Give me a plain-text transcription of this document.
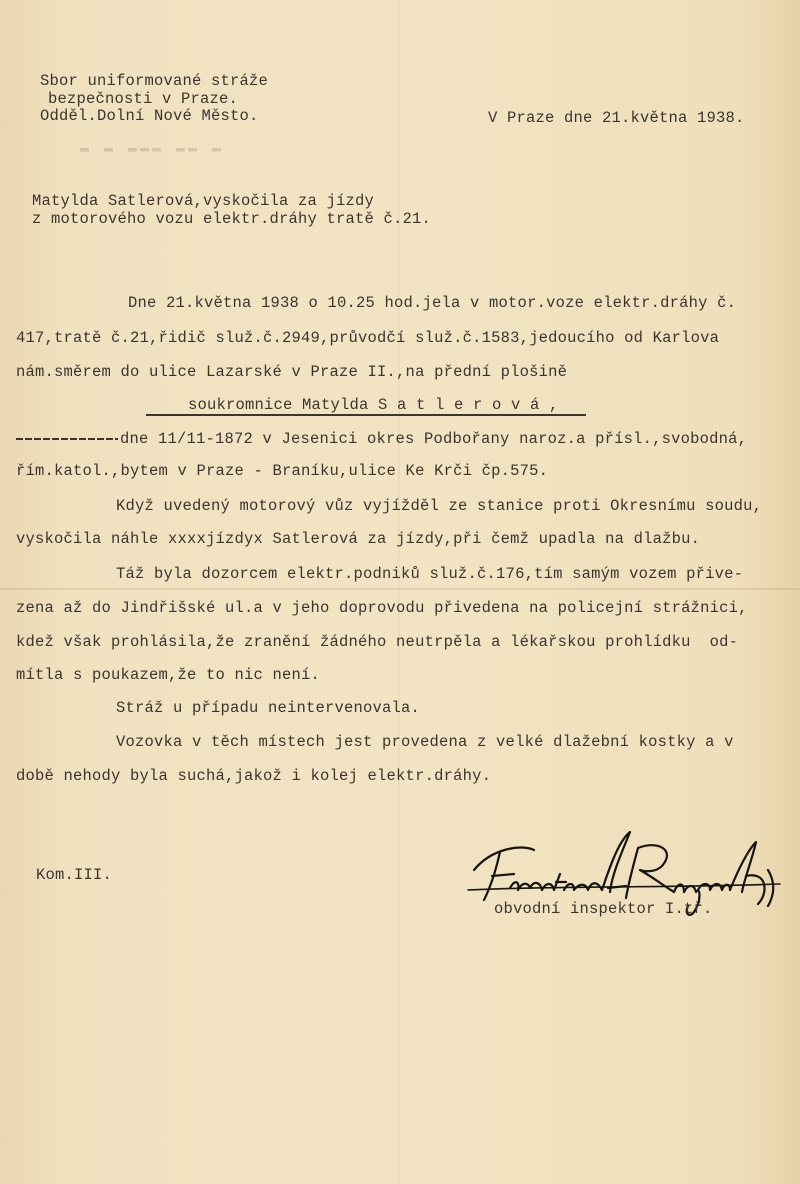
Sbor uniformované stráže
bezpečnosti v Praze.
Odděl.Dolní Nové Město.	V Praze dne 21.května 1938.
▬ ▬ ▬▬▬ ▬▬ ▬
Matylda Satlerová,vyskočila za jízdy
z motorového vozu elektr.dráhy tratě č.21.
Dne 21.května 1938 o 10.25 hod.jela v motor.voze elektr.dráhy č.
417,tratě č.21,řidič služ.č.2949,průvodčí služ.č.1583,jedoucího od Karlova
nám.směrem do ulice Lazarské v Praze II.,na přední plošině
soukromnice Matylda S a t l e r o v á ,
dne 11/11-1872 v Jesenici okres Podbořany naroz.a přísl.,svobodná,
řím.katol.,bytem v Praze - Braníku,ulice Ke Krči čp.575.
Když uvedený motorový vůz vyjížděl ze stanice proti Okresnímu soudu,
vyskočila náhle xxxxjízdyx Satlerová za jízdy,při čemž upadla na dlažbu.
Táž byla dozorcem elektr.podniků služ.č.176,tím samým vozem přive-
zena až do Jindřišské ul.a v jeho doprovodu přivedena na policejní strážnici,
kdež však prohlásila,že zranění žádného neutrpěla a lékařskou prohlídku  od-
mítla s poukazem,že to nic není.
Stráž u případu neintervenovala.
Vozovka v těch místech jest provedena z velké dlažební kostky a v
době nehody byla suchá,jakož i kolej elektr.dráhy.
Kom.III.
obvodní inspektor I.tř.
